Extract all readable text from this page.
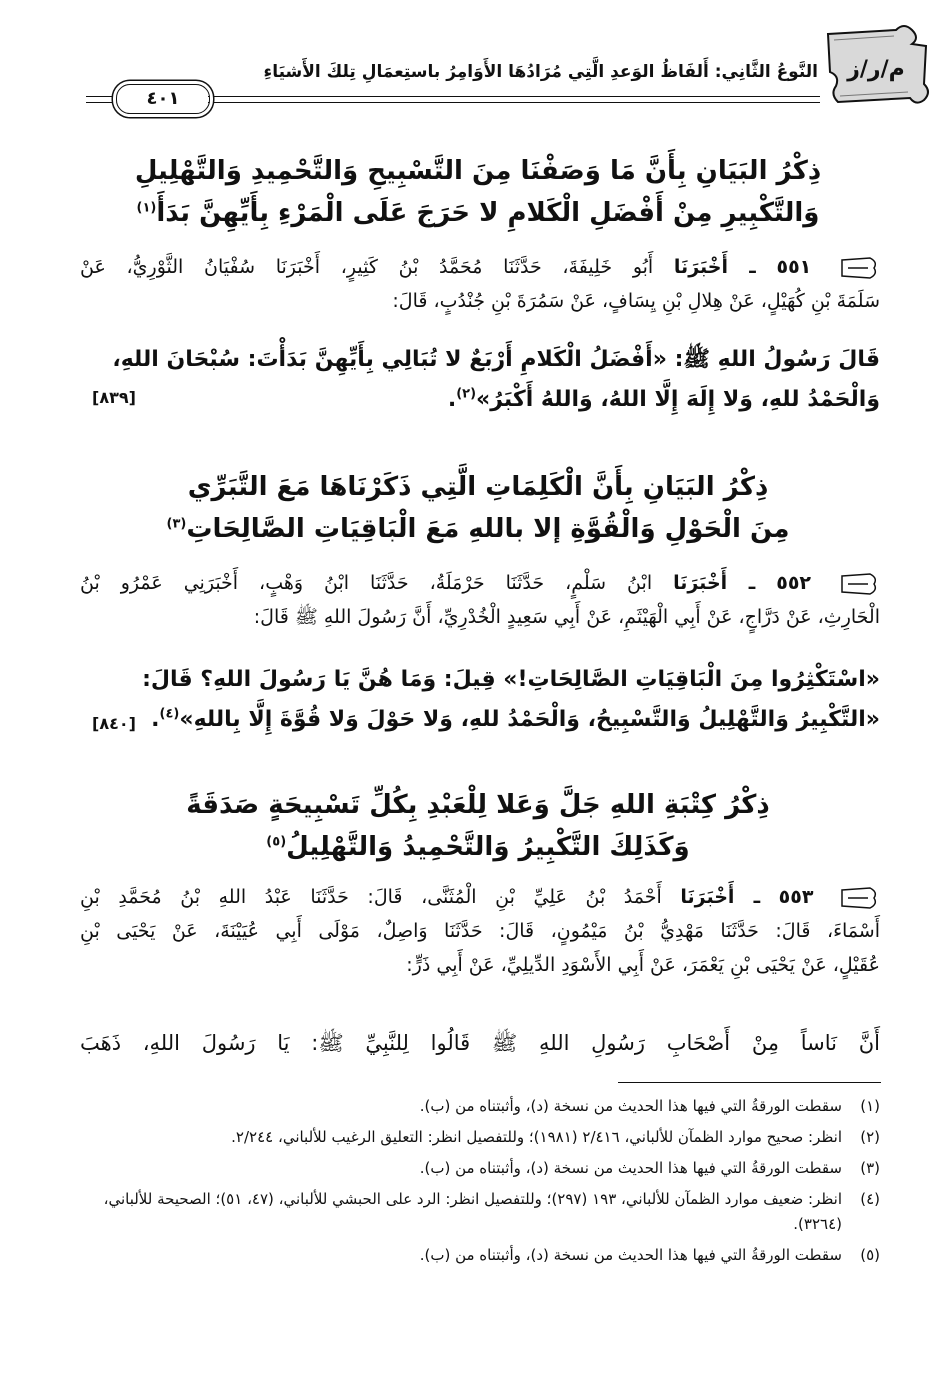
م/ر/ز
النَّوعُ الثَّانِي: أَلفَاظُ الوَعدِ الَّتِي مُرَادُهَا الأَوَامِرُ باستِعمَالِ تِلكَ الأَشيَاءِ
٤٠١
ذِكْرُ البَيَانِ بِأَنَّ مَا وَصَفْنَا مِنَ التَّسْبِيحِ وَالتَّحْمِيدِ وَالتَّهْلِيلِ
وَالتَّكْبِيرِ مِنْ أَفْضَلِ الْكَلامِ لا حَرَجَ عَلَى الْمَرْءِ بِأَيِّهِنَّ بَدَأَ$^{(١)}$
٥٥١ ـ أَخْبَرَنَا أَبُو خَلِيفَةَ، حَدَّثَنَا مُحَمَّدُ بْنُ كَثِيرٍ، أَخْبَرَنَا سُفْيَانُ الثَّوْرِيُّ، عَنْ
سَلَمَةَ بْنِ كُهَيْلٍ، عَنْ هِلالِ بْنِ يِسَافٍ، عَنْ سَمُرَةَ بْنِ جُنْدُبٍ، قَالَ:
قَالَ رَسُولُ اللهِ ﷺ: «أَفْضَلُ الْكَلامِ أَرْبَعٌ لا تُبَالِي بِأَيِّهِنَّ بَدَأْتَ: سُبْحَانَ اللهِ،
وَالْحَمْدُ للهِ، وَلا إِلَهَ إِلَّا اللهُ، وَاللهُ أَكْبَرُ»$^{(٢)}$.
[٨٣٩]
ذِكْرُ البَيَانِ بِأَنَّ الْكَلِمَاتِ الَّتِي ذَكَرْنَاهَا مَعَ التَّبَرِّي
مِنَ الْحَوْلِ وَالْقُوَّةِ إلا باللهِ مَعَ الْبَاقِيَاتِ الصَّالِحَاتِ$^{(٣)}$
٥٥٢ ـ أَخْبَرَنَا ابْنُ سَلْمٍ، حَدَّثَنَا حَرْمَلَةُ، حَدَّثَنَا ابْنُ وَهْبٍ، أَخْبَرَنِي عَمْرُو بْنُ
الْحَارِثِ، عَنْ دَرَّاجٍ، عَنْ أَبِي الْهَيْثَمِ، عَنْ أَبِي سَعِيدٍ الْخُدْرِيِّ، أَنَّ رَسُولَ اللهِ ﷺ قَالَ:
«اسْتَكْثِرُوا مِنَ الْبَاقِيَاتِ الصَّالِحَاتِ!» قِيلَ: وَمَا هُنَّ يَا رَسُولَ اللهِ؟ قَالَ:
«التَّكْبِيرُ وَالتَّهْلِيلُ وَالتَّسْبِيحُ، وَالْحَمْدُ للهِ، وَلا حَوْلَ وَلا قُوَّةَ إِلَّا بِاللهِ»$^{(٤)}$.
[٨٤٠]
ذِكْرُ كِتْبَةِ اللهِ جَلَّ وَعَلا لِلْعَبْدِ بِكُلِّ تَسْبِيحَةٍ صَدَقَةً
وَكَذَلِكَ التَّكْبِيرُ وَالتَّحْمِيدُ وَالتَّهْلِيلُ$^{(٥)}$
٥٥٣ ـ أَخْبَرَنَا أَحْمَدُ بْنُ عَلِيِّ بْنِ الْمُثَنَّى، قَالَ: حَدَّثَنَا عَبْدُ اللهِ بْنُ مُحَمَّدِ بْنِ
أَسْمَاءَ، قَالَ: حَدَّثَنَا مَهْدِيُّ بْنُ مَيْمُونٍ، قَالَ: حَدَّثَنَا وَاصِلٌ، مَوْلَى أَبِي عُيَيْنَةَ، عَنْ يَحْيَى بْنِ
عُقَيْلٍ، عَنْ يَحْيَى بْنِ يَعْمَرَ، عَنْ أَبِي الأَسْوَدِ الدِّيلِيِّ، عَنْ أَبِي ذَرٍّ:
أَنَّ نَاساً مِنْ أَصْحَابِ رَسُولِ اللهِ ﷺ قَالُوا لِلنَّبِيِّ ﷺ: يَا رَسُولَ اللهِ، ذَهَبَ
(١)
سقطت الورقةُ التي فيها هذا الحديث من نسخة (د)، وأثبتناه من (ب).
(٢)
انظر: صحيح موارد الظمآن للألباني، ٢/٤١٦ (١٩٨١)؛ وللتفصيل انظر: التعليق الرغيب للألباني، ٢/٢٤٤.
(٣)
سقطت الورقةُ التي فيها هذا الحديث من نسخة (د)، وأثبتناه من (ب).
(٤)
انظر: ضعيف موارد الظمآن للألباني، ١٩٣ (٢٩٧)؛ وللتفصيل انظر: الرد على الحبشي للألباني، (٤٧، ٥١)؛ الصحيحة للألباني، (٣٢٦٤).
(٥)
سقطت الورقةُ التي فيها هذا الحديث من نسخة (د)، وأثبتناه من (ب).
